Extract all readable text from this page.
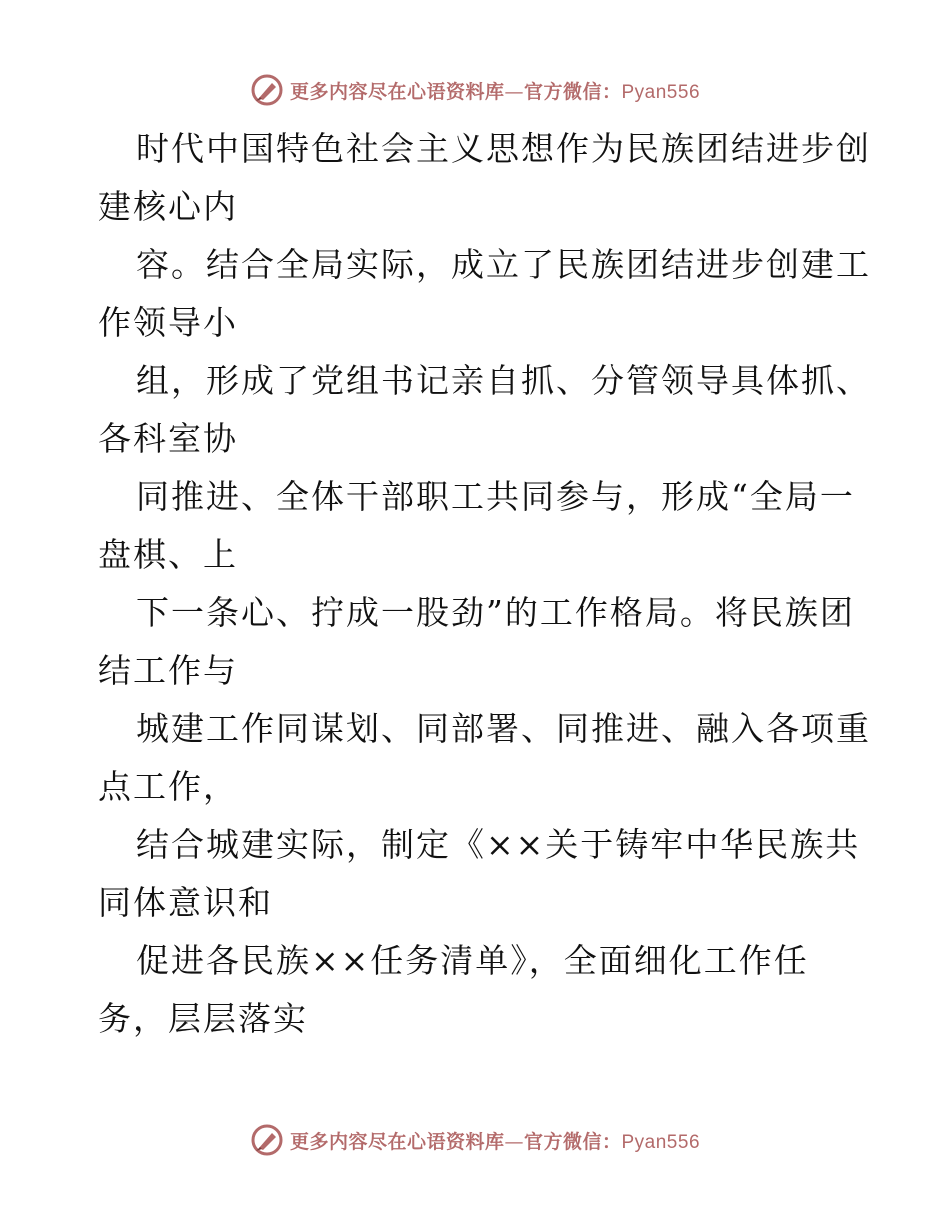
更多内容尽在心语资料库—官方微信：Pyan556
时代中国特色社会主义思想作为民族团结进步创
建核心内
容。结合全局实际，成立了民族团结进步创建工
作领导小
组，形成了党组书记亲自抓、分管领导具体抓、
各科室协
同推进、全体干部职工共同参与，形成“全局一
盘棋、上
下一条心、拧成一股劲”的工作格局。将民族团
结工作与
城建工作同谋划、同部署、同推进、融入各项重
点工作，
结合城建实际，制定《××关于铸牢中华民族共
同体意识和
促进各民族××任务清单》，全面细化工作任
务，层层落实
更多内容尽在心语资料库—官方微信：Pyan556
